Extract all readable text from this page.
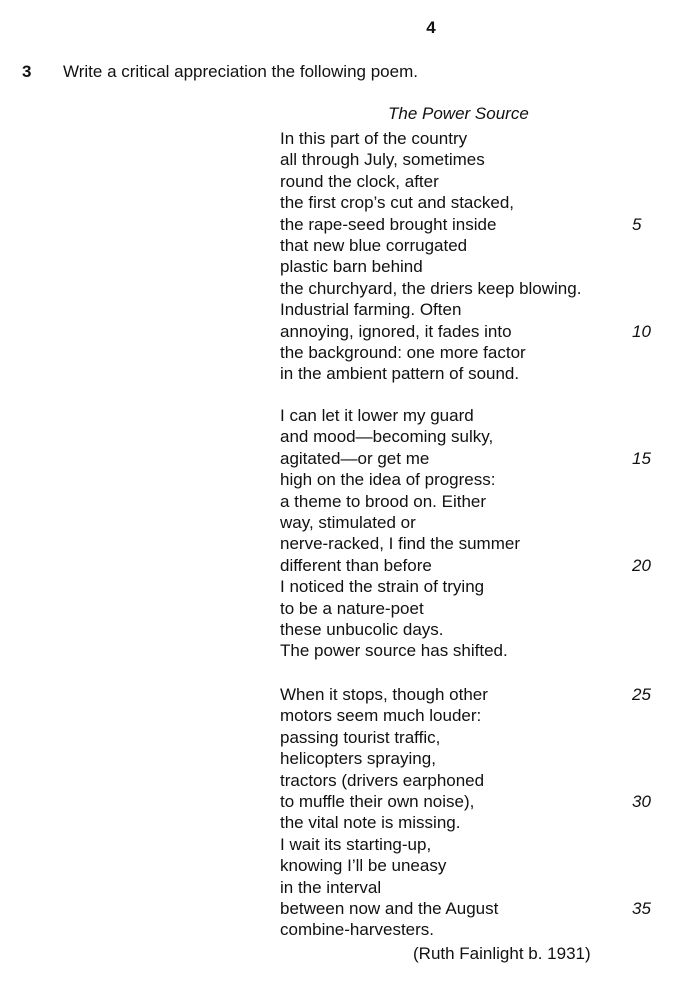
4
3 Write a critical appreciation the following poem.
The Power Source
In this part of the country
all through July, sometimes
round the clock, after
the first crop’s cut and stacked,
the rape-seed brought inside	5
that new blue corrugated
plastic barn behind
the churchyard, the driers keep blowing.
Industrial farming. Often
annoying, ignored, it fades into	10
the background: one more factor
in the ambient pattern of sound.
I can let it lower my guard
and mood—becoming sulky,
agitated—or get me	15
high on the idea of progress:
a theme to brood on. Either
way, stimulated or
nerve-racked, I find the summer
different than before	20
I noticed the strain of trying
to be a nature-poet
these unbucolic days.
The power source has shifted.
When it stops, though other	25
motors seem much louder:
passing tourist traffic,
helicopters spraying,
tractors (drivers earphoned
to muffle their own noise),	30
the vital note is missing.
I wait its starting-up,
knowing I’ll be uneasy
in the interval
between now and the August	35
combine-harvesters.
(Ruth Fainlight b. 1931)
